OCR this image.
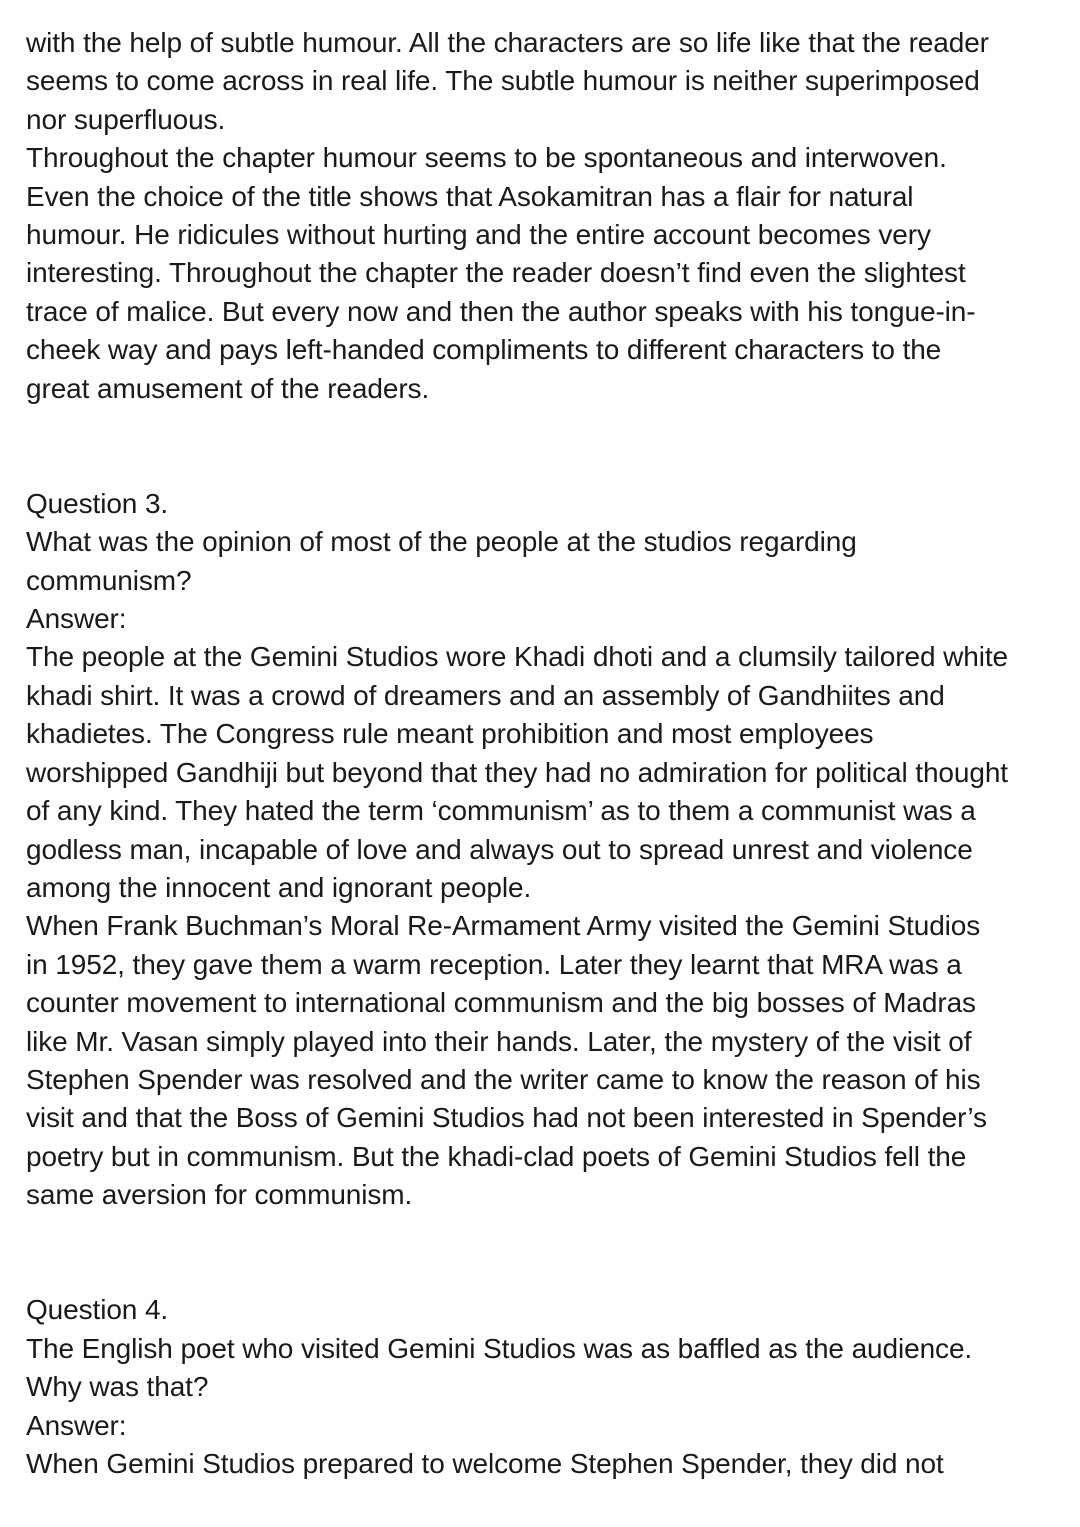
with the help of subtle humour. All the characters are so life like that the reader
seems to come across in real life. The subtle humour is neither superimposed
nor superfluous.

Throughout the chapter humour seems to be spontaneous and interwoven.
Even the choice of the title shows that Asokamitran has a flair for natural
humour. He ridicules without hurting and the entire account becomes very
interesting. Throughout the chapter the reader doesn’t find even the slightest
trace of malice. But every now and then the author speaks with his tongue-in-
cheek way and pays left-handed compliments to different characters to the
great amusement of the readers.

Question 3.

What was the opinion of most of the people at the studios regarding
communism?

Answer:

The people at the Gemini Studios wore Khadi dhoti and a clumsily tailored white
khadi shirt. It was a crowd of dreamers and an assembly of Gandhiites and
khadietes. The Congress rule meant prohibition and most employees
worshipped Gandhiji but beyond that they had no admiration for political thought
of any kind. They hated the term ‘communism’ as to them a communist was a
godless man, incapable of love and always out to spread unrest and violence
among the innocent and ignorant people.

When Frank Buchman’s Moral Re-Armament Army visited the Gemini Studios
in 1952, they gave them a warm reception. Later they learnt that MRA was a
counter movement to international communism and the big bosses of Madras
like Mr. Vasan simply played into their hands. Later, the mystery of the visit of
Stephen Spender was resolved and the writer came to know the reason of his
visit and that the Boss of Gemini Studios had not been interested in Spender’s
poetry but in communism. But the khadi-clad poets of Gemini Studios fell the
same aversion for communism.

Question 4.

The English poet who visited Gemini Studios was as baffled as the audience.
Why was that?

Answer:

When Gemini Studios prepared to welcome Stephen Spender, they did not
